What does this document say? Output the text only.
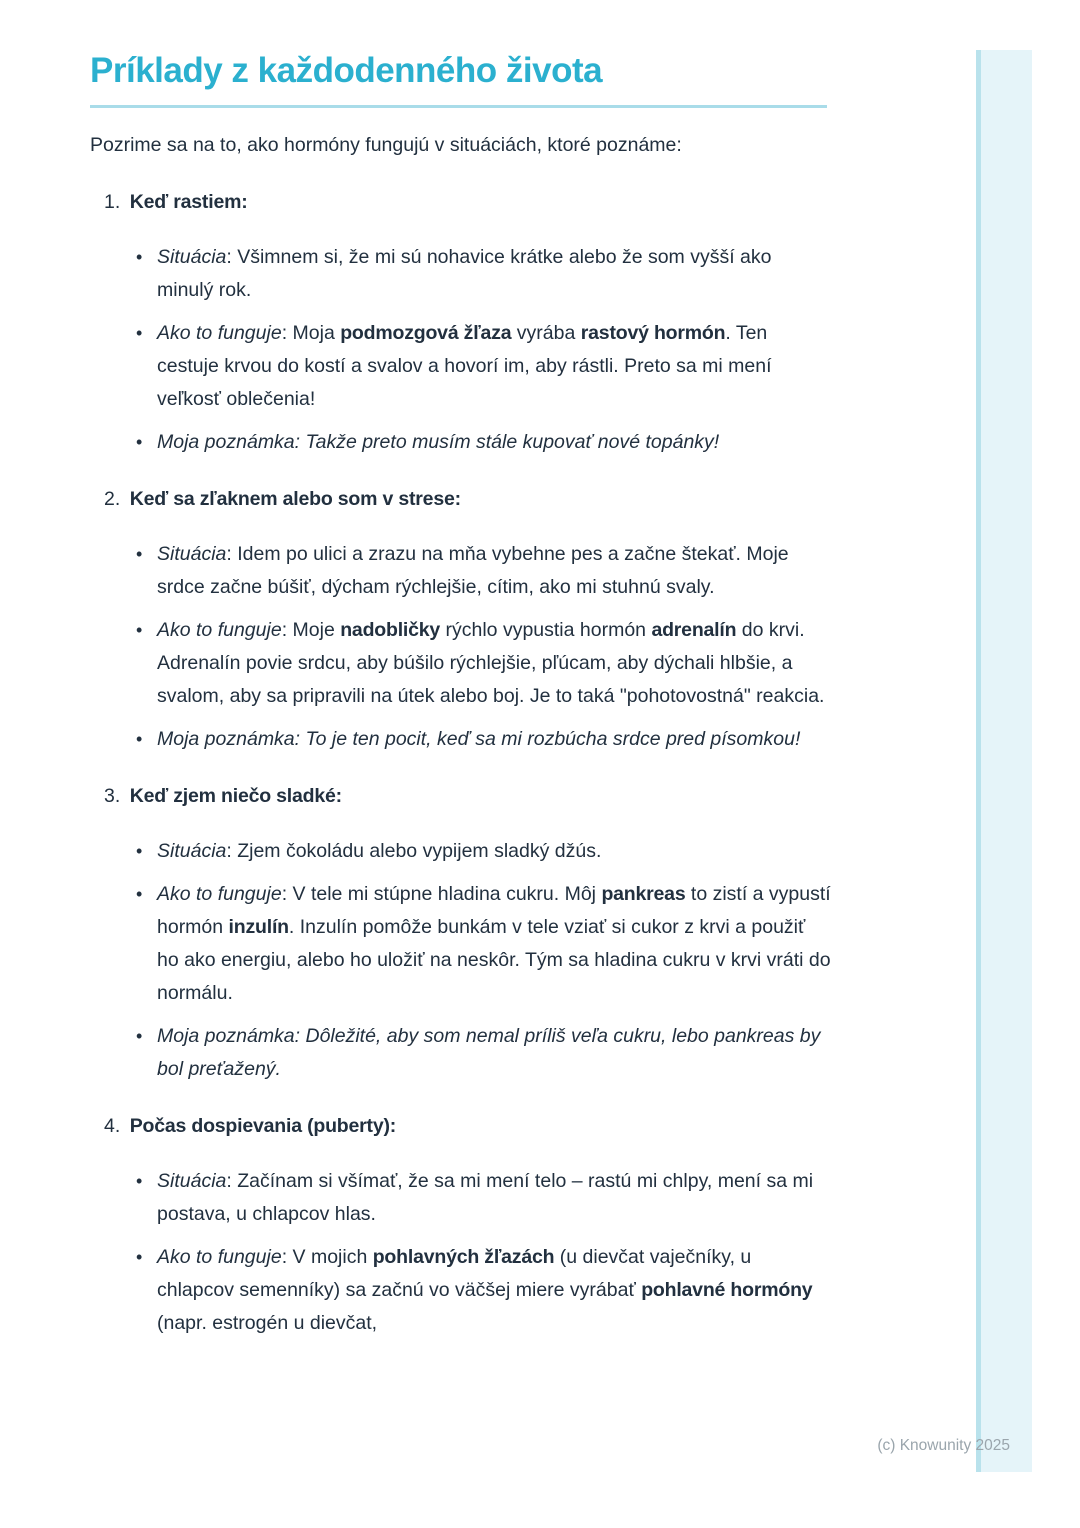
Príklady z každodenného života

Pozrime sa na to, ako hormóny fungujú v situáciách, ktoré poznáme:

1. Keď rastiem:
• Situácia: Všimnem si, že mi sú nohavice krátke alebo že som vyšší ako minulý rok.
• Ako to funguje: Moja podmozgová žľaza vyrába rastový hormón. Ten cestuje krvou do kostí a svalov a hovorí im, aby rástli. Preto sa mi mení veľkosť oblečenia!
• Moja poznámka: Takže preto musím stále kupovať nové topánky!
2. Keď sa zľaknem alebo som v strese:
• Situácia: Idem po ulici a zrazu na mňa vybehne pes a začne štekať. Moje srdce začne búšiť, dýcham rýchlejšie, cítim, ako mi stuhnú svaly.
• Ako to funguje: Moje nadobličky rýchlo vypustia hormón adrenalín do krvi. Adrenalín povie srdcu, aby búšilo rýchlejšie, pľúcam, aby dýchali hlbšie, a svalom, aby sa pripravili na útek alebo boj. Je to taká "pohotovostná" reakcia.
• Moja poznámka: To je ten pocit, keď sa mi rozbúcha srdce pred písomkou!
3. Keď zjem niečo sladké:
• Situácia: Zjem čokoládu alebo vypijem sladký džús.
• Ako to funguje: V tele mi stúpne hladina cukru. Môj pankreas to zistí a vypustí hormón inzulín. Inzulín pomôže bunkám v tele vziať si cukor z krvi a použiť ho ako energiu, alebo ho uložiť na neskôr. Tým sa hladina cukru v krvi vráti do normálu.
• Moja poznámka: Dôležité, aby som nemal príliš veľa cukru, lebo pankreas by bol preťažený.
4. Počas dospievania (puberty):
• Situácia: Začínam si všímať, že sa mi mení telo – rastú mi chlpy, mení sa mi postava, u chlapcov hlas.
• Ako to funguje: V mojich pohlavných žľazách (u dievčat vaječníky, u chlapcov semenníky) sa začnú vo väčšej miere vyrábať pohlavné hormóny (napr. estrogén u dievčat,
(c) Knowunity 2025
